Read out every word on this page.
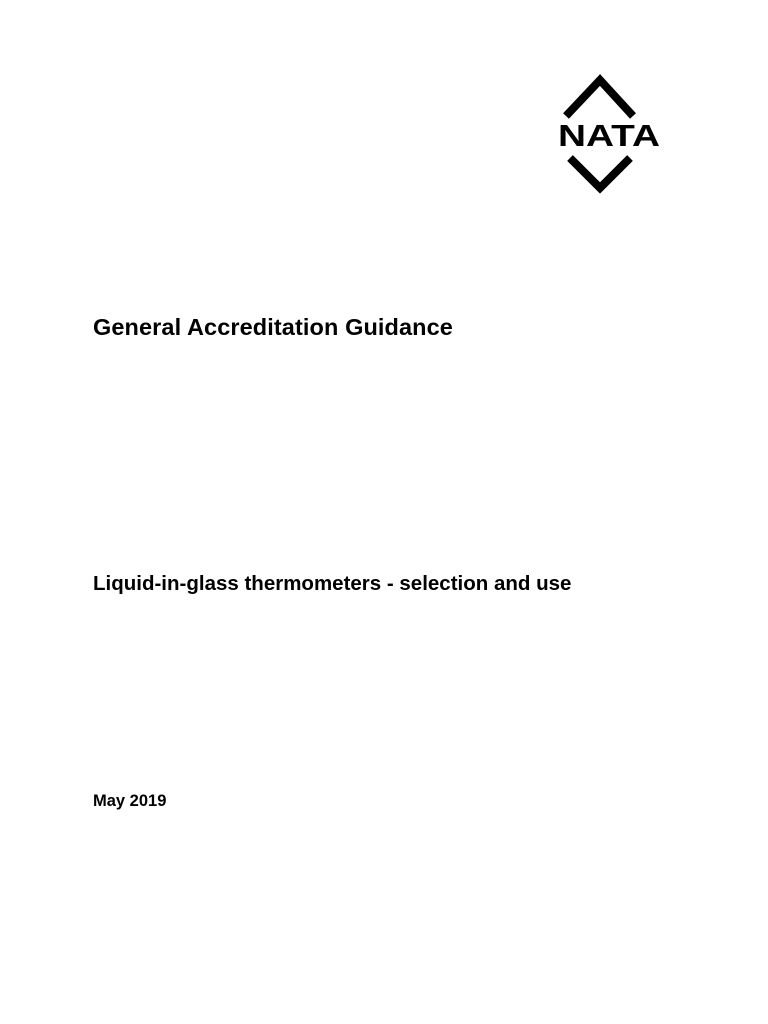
NATA
General Accreditation Guidance
Liquid-in-glass thermometers - selection and use

May 2019
